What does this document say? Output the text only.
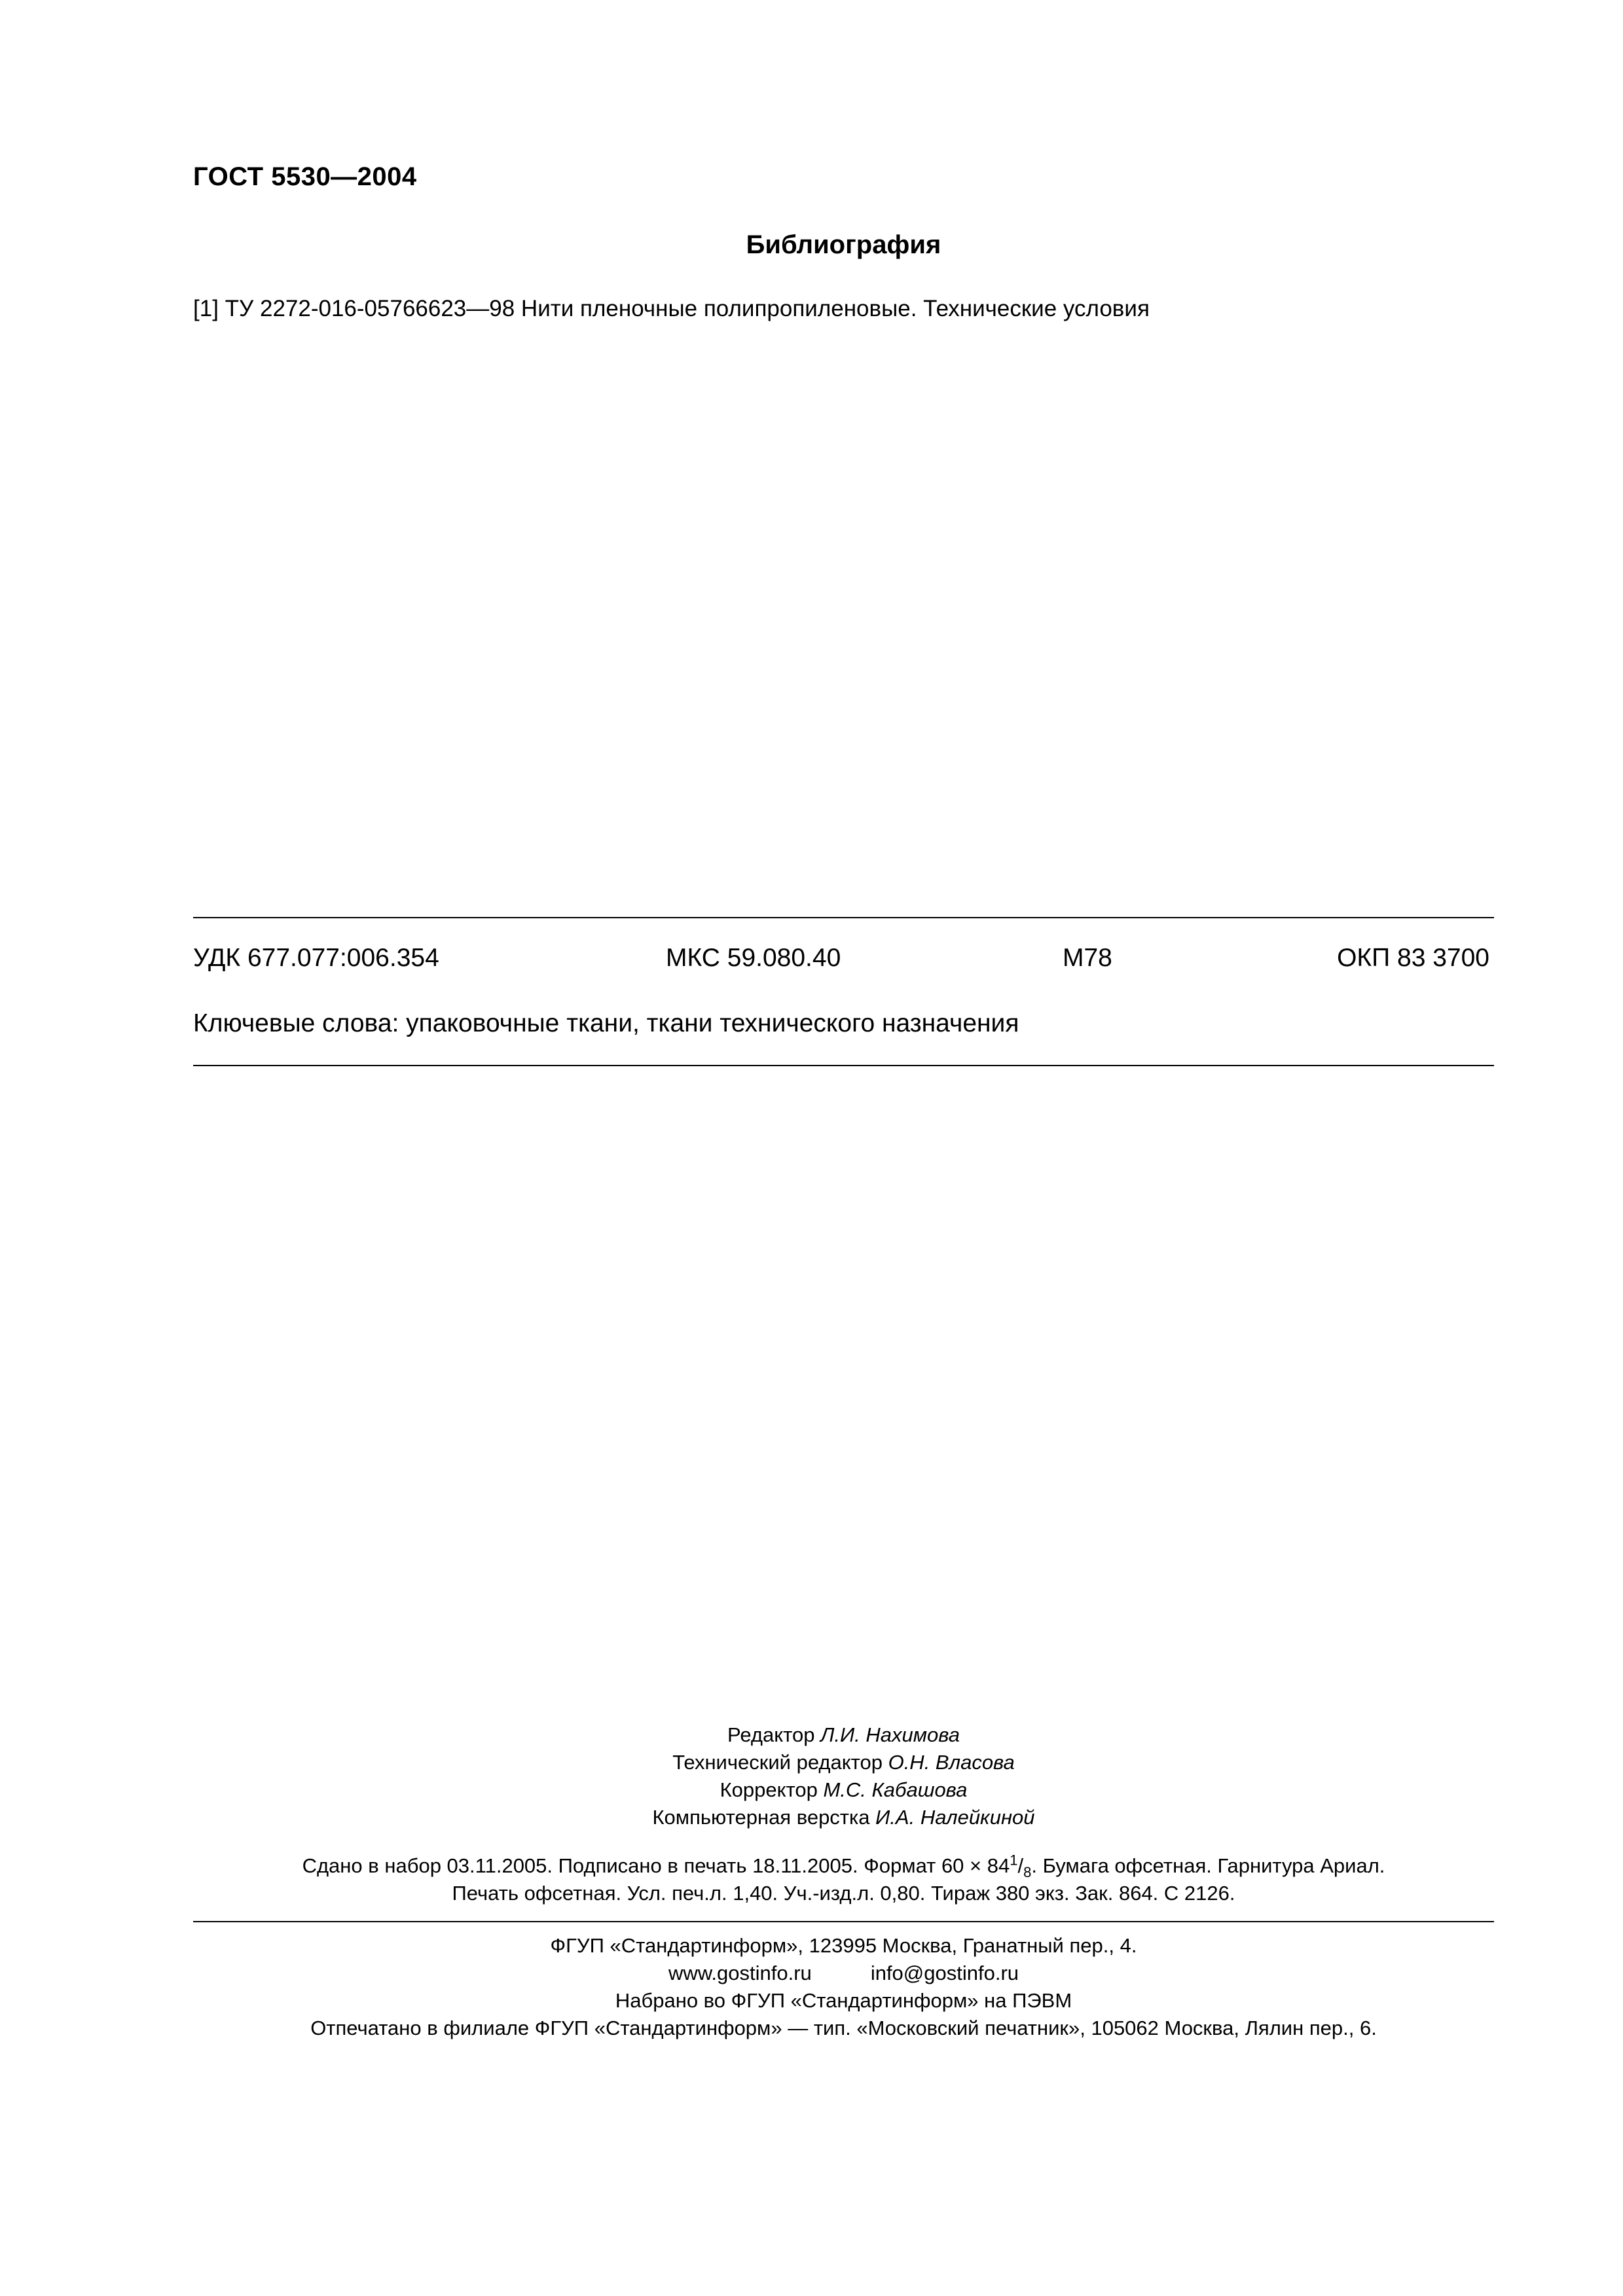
ГОСТ 5530—2004
Библиография
[1] ТУ 2272-016-05766623—98 Нити пленочные полипропиленовые. Технические условия
УДК 677.077:006.354	МКС 59.080.40	М78	ОКП 83 3700
Ключевые слова: упаковочные ткани, ткани технического назначения
Редактор Л.И. Нахимова
Технический редактор О.Н. Власова
Корректор М.С. Кабашова
Компьютерная верстка И.А. Налейкиной
Сдано в набор 03.11.2005. Подписано в печать 18.11.2005. Формат $60 \times 84^1/_8$. Бумага офсетная. Гарнитура Ариал.
Печать офсетная. Усл. печ.л. 1,40. Уч.-изд.л. 0,80. Тираж 380 экз. Зак. 864. С 2126.
ФГУП «Стандартинформ», 123995 Москва, Гранатный пер., 4.
www.gostinfo.ru	info@gostinfo.ru
Набрано во ФГУП «Стандартинформ» на ПЭВМ
Отпечатано в филиале ФГУП «Стандартинформ» — тип. «Московский печатник», 105062 Москва, Лялин пер., 6.
